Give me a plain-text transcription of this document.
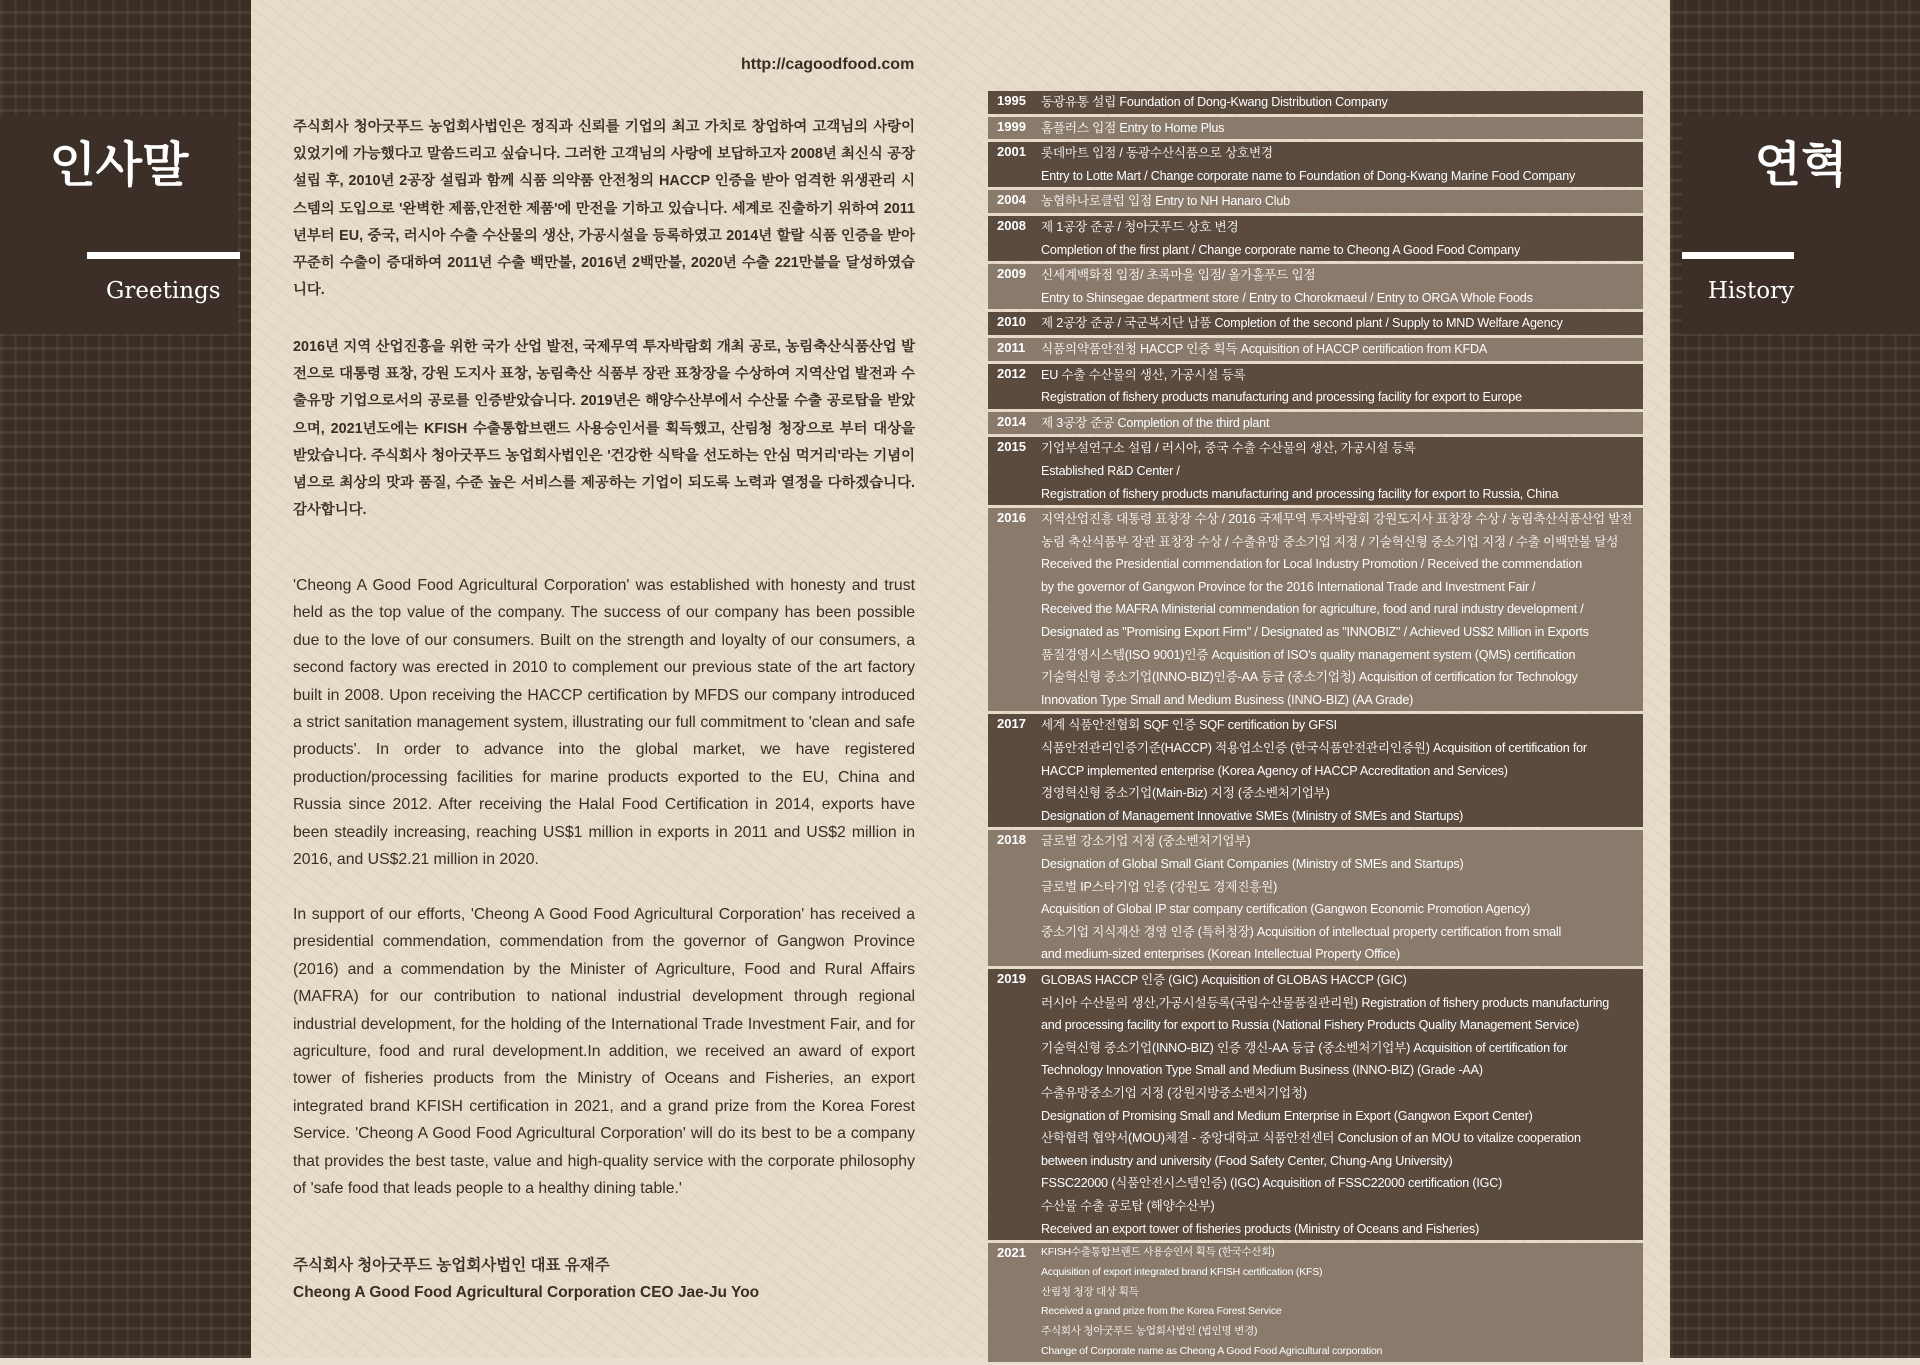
인사말
Greetings
연혁
History
http://cagoodfood.com
주식회사 청아굿푸드 농업회사법인은 정직과 신뢰를 기업의 최고 가치로 창업하여 고객님의 사랑이 있었기에 가능했다고 말씀드리고 싶습니다. 그러한 고객님의 사랑에 보답하고자 2008년 최신식 공장 설립 후, 2010년 2공장 설립과 함께 식품 의약품 안전청의 HACCP 인증을 받아 엄격한 위생관리 시스템의 도입으로 '완벽한 제품,안전한 제품'에 만전을 기하고 있습니다. 세계로 진출하기 위하여 2011년부터 EU, 중국, 러시아 수출 수산물의 생산, 가공시설을 등록하였고 2014년 할랄 식품 인증을 받아 꾸준히 수출이 증대하여 2011년 수출 백만불, 2016년 2백만불, 2020년 수출 221만불을 달성하였습니다.
2016년 지역 산업진흥을 위한 국가 산업 발전, 국제무역 투자박람회 개최 공로, 농림축산식품산업 발전으로 대통령 표창, 강원 도지사 표창, 농림축산 식품부 장관 표창장을 수상하여 지역산업 발전과 수출유망 기업으로서의 공로를 인증받았습니다. 2019년은 해양수산부에서 수산물 수출 공로탑을 받았으며, 2021년도에는 KFISH 수출통합브랜드 사용승인서를 획득했고, 산림청 청장으로 부터 대상을 받았습니다. 주식회사 청아굿푸드 농업회사법인은 '건강한 식탁을 선도하는 안심 먹거리'라는 기념이념으로 최상의 맛과 품질, 수준 높은 서비스를 제공하는 기업이 되도록 노력과 열정을 다하겠습니다. 감사합니다.
'Cheong A Good Food Agricultural Corporation' was established with honesty and trust held as the top value of the company. The success of our company has been possible due to the love of our consumers. Built on the strength and loyalty of our consumers, a second factory was erected in 2010 to complement our previous state of the art factory built in 2008. Upon receiving the HACCP certification by MFDS our company introduced a strict sanitation management system, illustrating our full commitment to 'clean and safe products'. In order to advance into the global market, we have registered production/processing facilities for marine products exported to the EU, China and Russia since 2012. After receiving the Halal Food Certification in 2014, exports have been steadily increasing, reaching US$1 million in exports in 2011 and US$2 million in 2016, and US$2.21 million in 2020.
In support of our efforts, 'Cheong A Good Food Agricultural Corporation' has received a presidential commendation, commendation from the governor of Gangwon Province (2016) and a commendation by the Minister of Agriculture, Food and Rural Affairs (MAFRA) for our contribution to national industrial development through regional industrial development, for the holding of the International Trade Investment Fair, and for agriculture, food and rural development.In addition, we received an award of export tower of fisheries products from the Ministry of Oceans and Fisheries, an export integrated brand KFISH certification in 2021, and a grand prize from the Korea Forest Service. 'Cheong A Good Food Agricultural Corporation' will do its best to be a company that provides the best taste, value and high-quality service with the corporate philosophy of 'safe food that leads people to a healthy dining table.'
주식회사 청아굿푸드 농업회사법인 대표 유재주
Cheong A Good Food Agricultural Corporation CEO Jae-Ju Yoo
1995	동광유통 설립 Foundation of Dong-Kwang Distribution Company
1999	홈플러스 입점 Entry to Home Plus
2001	롯데마트 입점 / 동광수산식품으로 상호변경
Entry to Lotte Mart / Change corporate name to Foundation of Dong-Kwang Marine Food Company
2004	농협하나로클럽 입점 Entry to NH Hanaro Club
2008	제 1공장 준공 / 청아굿푸드 상호 변경
Completion of the first plant / Change corporate name to Cheong A Good Food Company
2009	신세계백화점 입점/ 초록마을 입점/ 올가홀푸드 입점
Entry to Shinsegae department store / Entry to Chorokmaeul / Entry to ORGA Whole Foods
2010	제 2공장 준공 / 국군복지단 납품 Completion of the second plant / Supply to MND Welfare Agency
2011	식품의약품안전청 HACCP 인증 획득 Acquisition of HACCP certification from KFDA
2012	EU 수출 수산물의 생산, 가공시설 등록
Registration of fishery products manufacturing and processing facility for export to Europe
2014	제 3공장 준공 Completion of the third plant
2015	기업부설연구소 설립 / 러시아, 중국 수출 수산물의 생산, 가공시설 등록
Established R&D Center /
Registration of fishery products manufacturing and processing facility for export to Russia, China
2016	지역산업진흥 대통령 표창장 수상 / 2016 국제무역 투자박람회 강원도지사 표창장 수상 / 농림축산식품산업 발전
농림 축산식품부 장관 표창장 수상 / 수출유망 중소기업 지정 / 기술혁신형 중소기업 지정 / 수출 이백만불 달성
Received the Presidential commendation for Local Industry Promotion / Received the commendation
by the governor of Gangwon Province for the 2016 International Trade and Investment Fair /
Received the MAFRA Ministerial commendation for agriculture, food and rural industry development /
Designated as "Promising Export Firm" / Designated as "INNOBIZ" / Achieved US$2 Million in Exports
품질경영시스템(ISO 9001)인증 Acquisition of ISO's quality management system (QMS) certification
기술혁신형 중소기업(INNO-BIZ)인증-AA 등급 (중소기업청) Acquisition of certification for Technology
Innovation Type Small and Medium Business (INNO-BIZ) (AA Grade)
2017	세계 식품안전협회 SQF 인증 SQF certification by GFSI
식품안전관리인증기준(HACCP) 적용업소인증 (한국식품안전관리인증원) Acquisition of certification for
HACCP implemented enterprise (Korea Agency of HACCP Accreditation and Services)
경영혁신형 중소기업(Main-Biz) 지정 (중소벤처기업부)
Designation of Management Innovative SMEs (Ministry of SMEs and Startups)
2018	글로벌 강소기업 지정 (중소벤처기업부)
Designation of Global Small Giant Companies (Ministry of SMEs and Startups)
글로벌 IP스타기업 인증 (강원도 경제진흥원)
Acquisition of Global IP star company certification (Gangwon Economic Promotion Agency)
중소기업 지식재산 경영 인증 (특허청장) Acquisition of intellectual property certification from small
and medium-sized enterprises (Korean Intellectual Property Office)
2019	GLOBAS HACCP 인증 (GIC) Acquisition of GLOBAS HACCP (GIC)
러시아 수산물의 생산,가공시설등록(국립수산물품질관리원) Registration of fishery products manufacturing
and processing facility for export to Russia (National Fishery Products Quality Management Service)
기술혁신형 중소기업(INNO-BIZ) 인증 갱신-AA 등급 (중소벤처기업부) Acquisition of certification for
Technology Innovation Type Small and Medium Business (INNO-BIZ) (Grade -AA)
수출유망중소기업 지정 (강원지방중소벤처기업청)
Designation of Promising Small and Medium Enterprise in Export (Gangwon Export Center)
산학협력 협약서(MOU)체결 - 중앙대학교 식품안전센터 Conclusion of an MOU to vitalize cooperation
between industry and university (Food Safety Center, Chung-Ang University)
FSSC22000 (식품안전시스템인증) (IGC) Acquisition of FSSC22000 certification (IGC)
수산물 수출 공로탑 (해양수산부)
Received an export tower of fisheries products (Ministry of Oceans and Fisheries)
2021	KFISH수출통합브랜드 사용승인서 획득 (한국수산회)
Acquisition of export integrated brand KFISH certification (KFS)
산림청 청장 대상 획득
Received a grand prize from the Korea Forest Service
주식회사 청아굿푸드 농업회사법인 (법인명 변경)
Change of Corporate name as Cheong A Good Food Agricultural corporation
